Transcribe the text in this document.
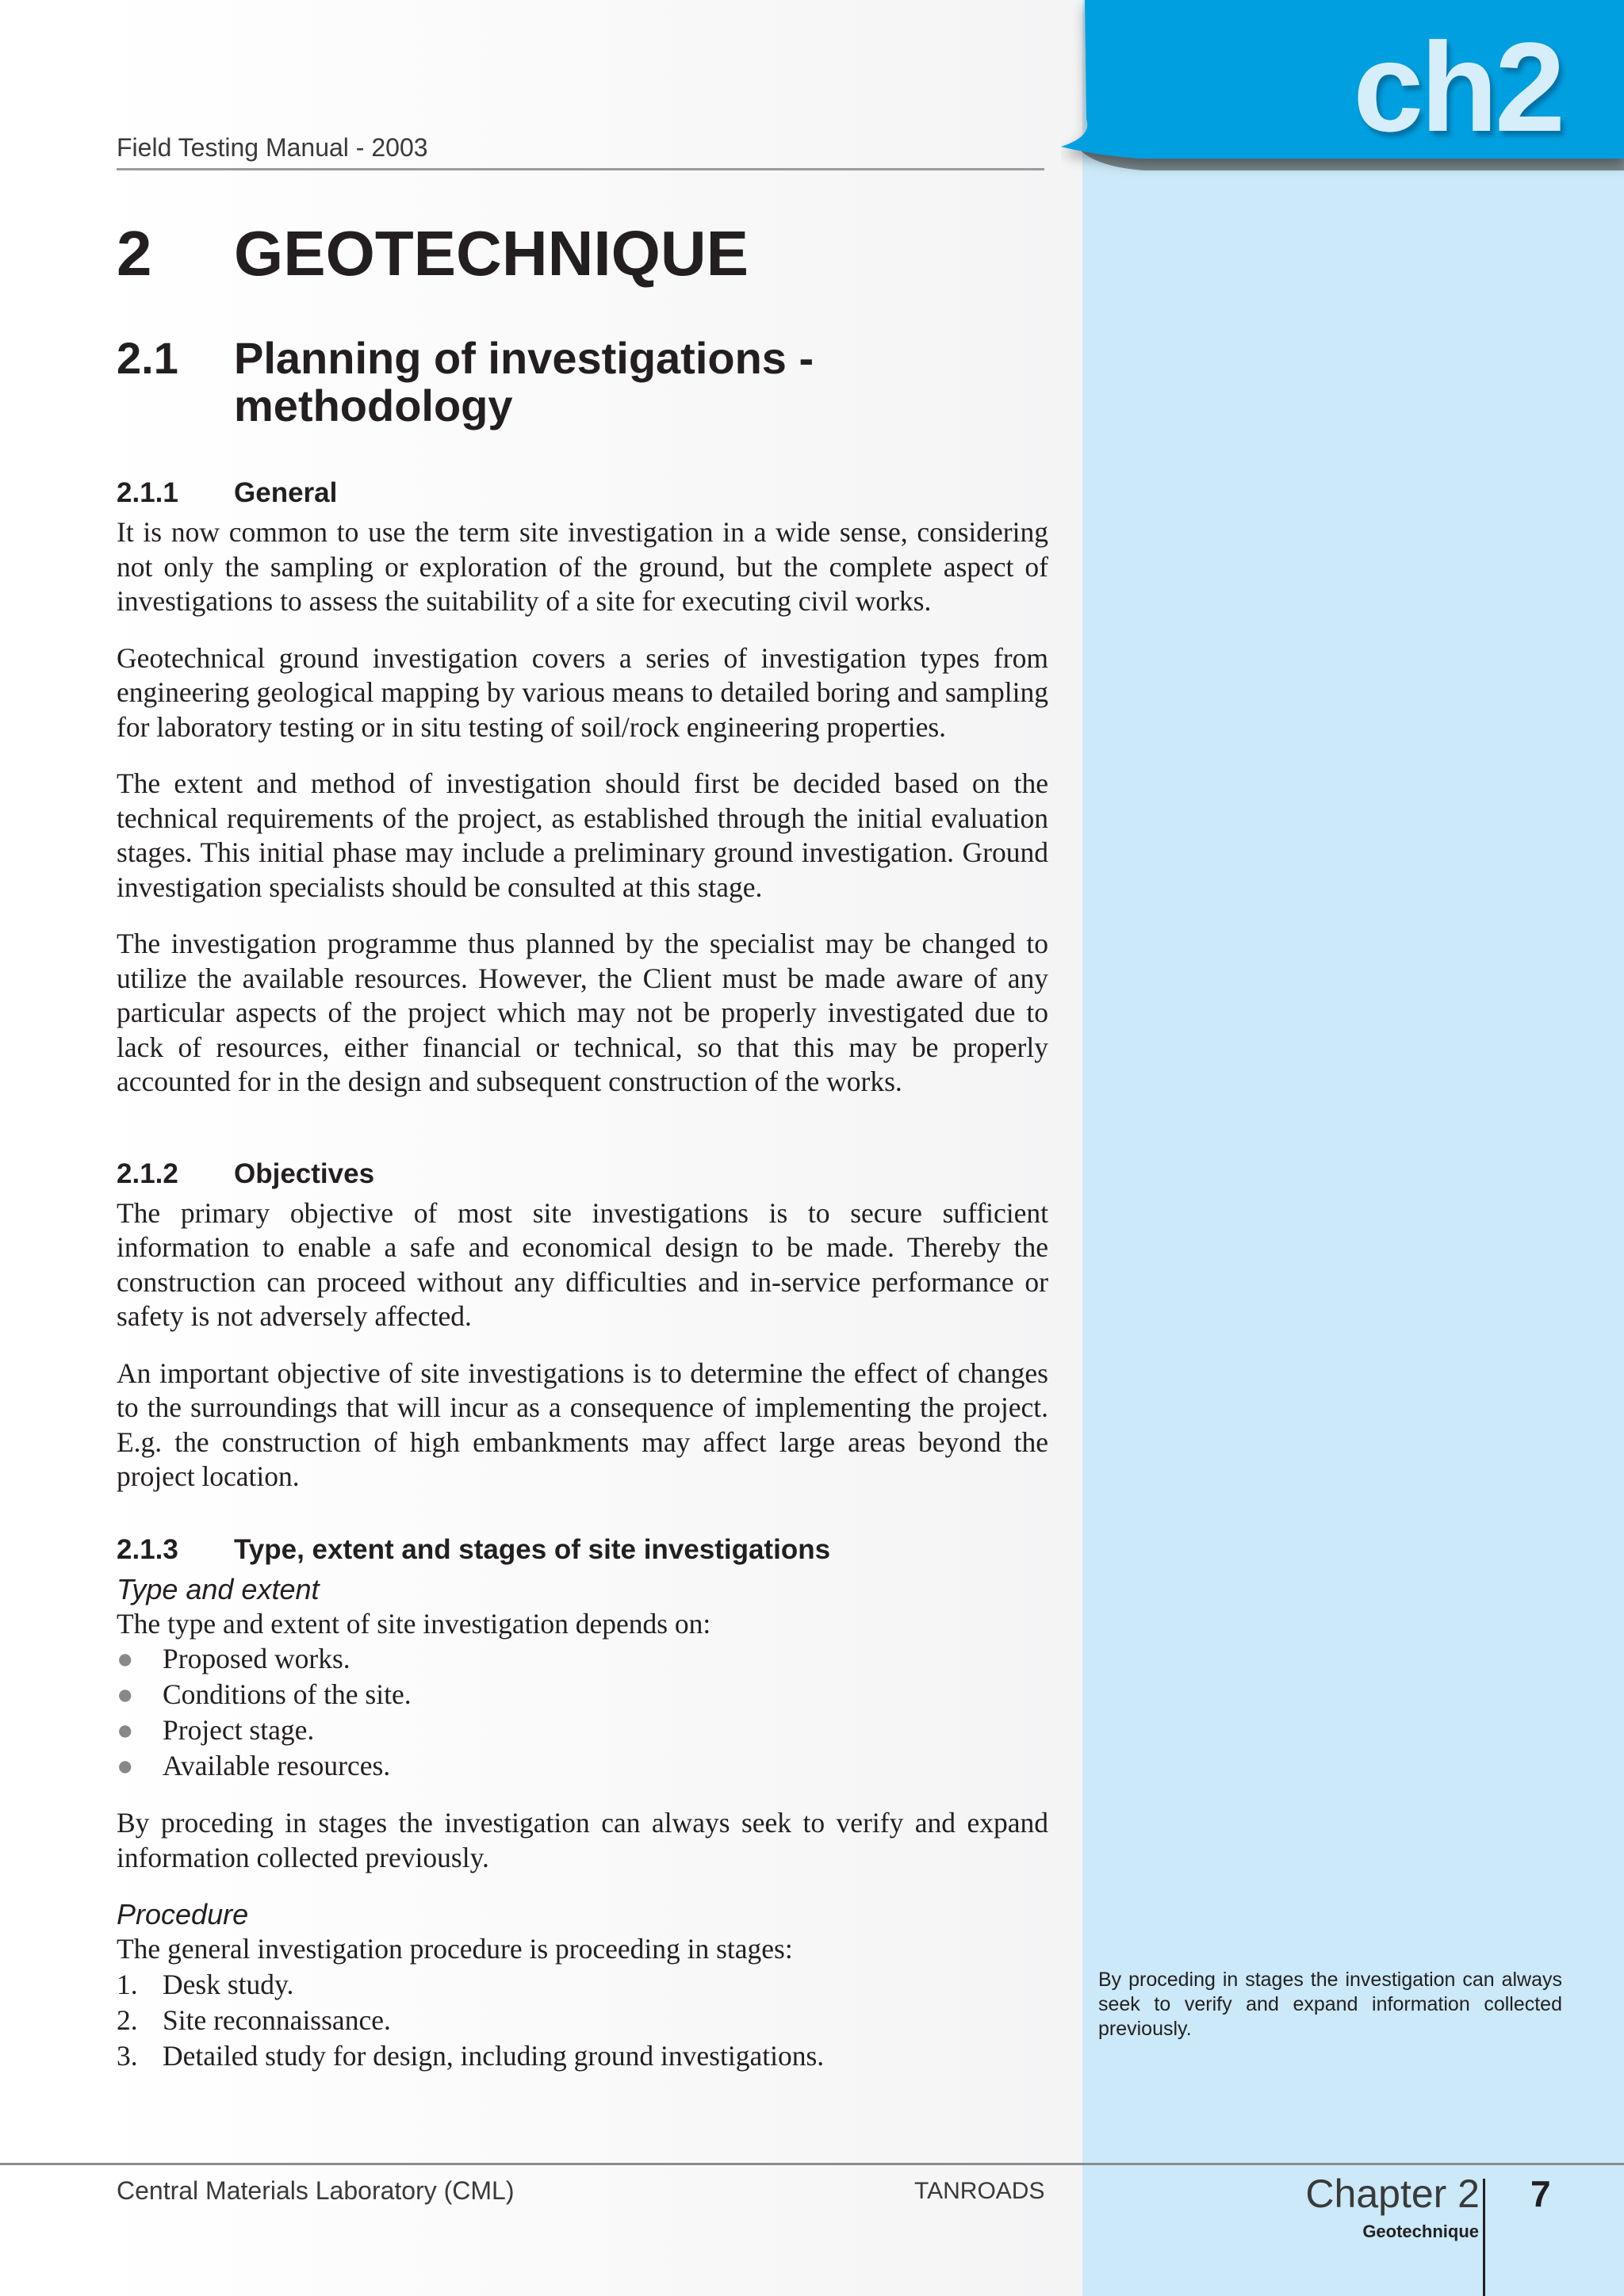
ch2
Field Testing Manual - 2003
2	GEOTECHNIQUE
2.1	Planning of investigations -
methodology
2.1.1	General

It is now common to use the term site investigation in a wide sense, considering not only the sampling or exploration of the ground, but the complete aspect of investigations to assess the suitability of a site for executing civil works.

Geotechnical ground investigation covers a series of investigation types from engineering geological mapping by various means to detailed boring and sampling for laboratory testing or in situ testing of soil/rock engineering properties.

The extent and method of investigation should first be decided based on the technical requirements of the project, as established through the initial evaluation stages. This initial phase may include a preliminary ground investigation. Ground investigation specialists should be consulted at this stage.

The investigation programme thus planned by the specialist may be changed to utilize the available resources. However, the Client must be made aware of any particular aspects of the project which may not be properly investigated due to lack of resources, either financial or technical, so that this may be properly accounted for in the design and subsequent construction of the works.

2.1.2	Objectives

The primary objective of most site investigations is to secure sufficient information to enable a safe and economical design to be made. Thereby the construction can proceed without any difficulties and in-service performance or safety is not adversely affected.

An important objective of site investigations is to determine the effect of changes to the surroundings that will incur as a consequence of implementing the project. E.g. the construction of high embankments may affect large areas beyond the project location.

2.1.3	Type, extent and stages of site investigations
Type and extent

The type and extent of site investigation depends on:

●	Proposed works.
●	Conditions of the site.
●	Project stage.
●	Available resources.

By proceding in stages the investigation can always seek to verify and expand information collected previously.

Procedure

The general investigation procedure is proceeding in stages:

1. Desk study.
2. Site reconnaissance.
3. Detailed study for design, including ground investigations.
By proceding in stages the investigation can always seek to verify and expand information collected previously.
Central Materials Laboratory (CML)	TANROADS	Chapter 2
Geotechnique
7
